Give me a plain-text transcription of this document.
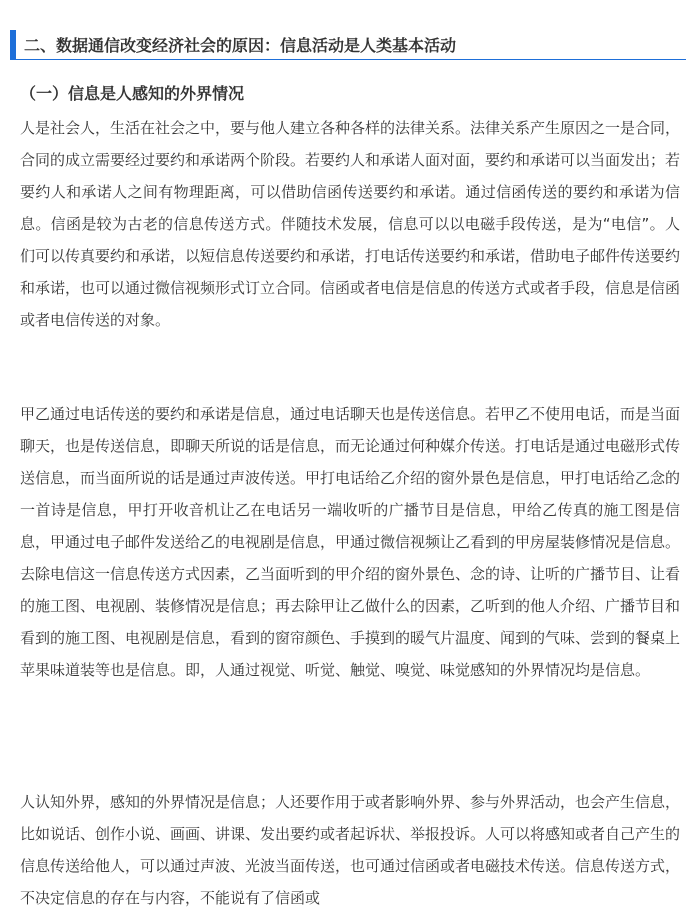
二、数据通信改变经济社会的原因：信息活动是人类基本活动
（一）信息是人感知的外界情况

人是社会人，生活在社会之中，要与他人建立各种各样的法律关系。法律关系产生原因之一是合同，合同的成立需要经过要约和承诺两个阶段。若要约人和承诺人面对面，要约和承诺可以当面发出；若要约人和承诺人之间有物理距离，可以借助信函传送要约和承诺。通过信函传送的要约和承诺为信息。信函是较为古老的信息传送方式。伴随技术发展，信息可以以电磁手段传送，是为“电信”。人们可以传真要约和承诺，以短信息传送要约和承诺，打电话传送要约和承诺，借助电子邮件传送要约和承诺，也可以通过微信视频形式订立合同。信函或者电信是信息的传送方式或者手段，信息是信函或者电信传送的对象。

甲乙通过电话传送的要约和承诺是信息，通过电话聊天也是传送信息。若甲乙不使用电话，而是当面聊天，也是传送信息，即聊天所说的话是信息，而无论通过何种媒介传送。打电话是通过电磁形式传送信息，而当面所说的话是通过声波传送。甲打电话给乙介绍的窗外景色是信息，甲打电话给乙念的一首诗是信息，甲打开收音机让乙在电话另一端收听的广播节目是信息，甲给乙传真的施工图是信息，甲通过电子邮件发送给乙的电视剧是信息，甲通过微信视频让乙看到的甲房屋装修情况是信息。去除电信这一信息传送方式因素，乙当面听到的甲介绍的窗外景色、念的诗、让听的广播节目、让看的施工图、电视剧、装修情况是信息；再去除甲让乙做什么的因素，乙听到的他人介绍、广播节目和看到的施工图、电视剧是信息，看到的窗帘颜色、手摸到的暖气片温度、闻到的气味、尝到的餐桌上苹果味道装等也是信息。即，人通过视觉、听觉、触觉、嗅觉、味觉感知的外界情况均是信息。

人认知外界，感知的外界情况是信息；人还要作用于或者影响外界、参与外界活动，也会产生信息，比如说话、创作小说、画画、讲课、发出要约或者起诉状、举报投诉。人可以将感知或者自己产生的信息传送给他人，可以通过声波、光波当面传送，也可通过信函或者电磁技术传送。信息传送方式，不决定信息的存在与内容，不能说有了信函或
